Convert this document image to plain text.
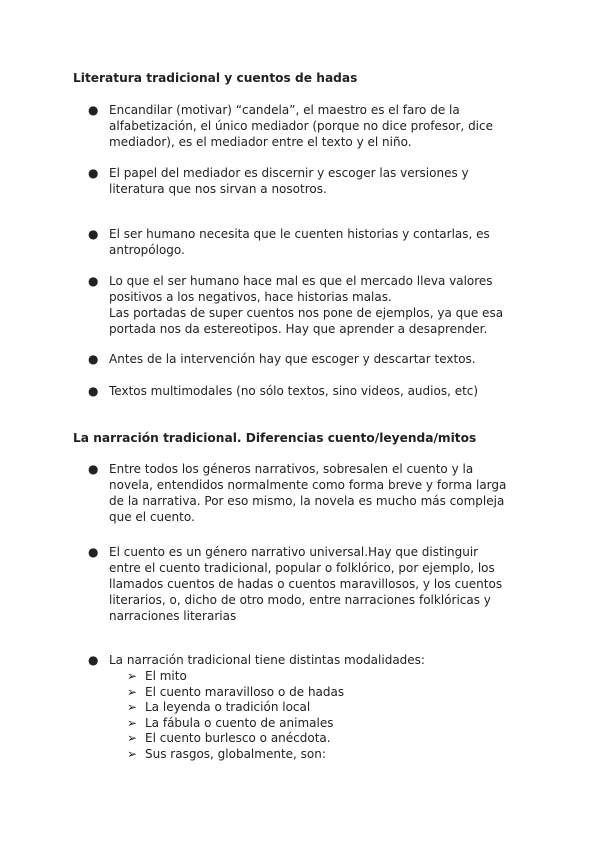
Literatura tradicional y cuentos de hadas
● Encandilar (motivar) “candela”, el maestro es el faro de la
alfabetización, el único mediador (porque no dice profesor, dice
mediador), es el mediador entre el texto y el niño.
● El papel del mediador es discernir y escoger las versiones y
literatura que nos sirvan a nosotros.
● El ser humano necesita que le cuenten historias y contarlas, es
antropólogo.
● Lo que el ser humano hace mal es que el mercado lleva valores
positivos a los negativos, hace historias malas.
Las portadas de super cuentos nos pone de ejemplos, ya que esa
portada nos da estereotipos. Hay que aprender a desaprender.
● Antes de la intervención hay que escoger y descartar textos.
● Textos multimodales (no sólo textos, sino videos, audios, etc)
La narración tradicional. Diferencias cuento/leyenda/mitos
● Entre todos los géneros narrativos, sobresalen el cuento y la
novela, entendidos normalmente como forma breve y forma larga
de la narrativa. Por eso mismo, la novela es mucho más compleja
que el cuento.
● El cuento es un género narrativo universal.Hay que distinguir
entre el cuento tradicional, popular o folklórico, por ejemplo, los
llamados cuentos de hadas o cuentos maravillosos, y los cuentos
literarios, o, dicho de otro modo, entre narraciones folklóricas y
narraciones literarias
● La narración tradicional tiene distintas modalidades:
➢ El mito
➢ El cuento maravilloso o de hadas
➢ La leyenda o tradición local
➢ La fábula o cuento de animales
➢ El cuento burlesco o anécdota.
➢ Sus rasgos, globalmente, son:
